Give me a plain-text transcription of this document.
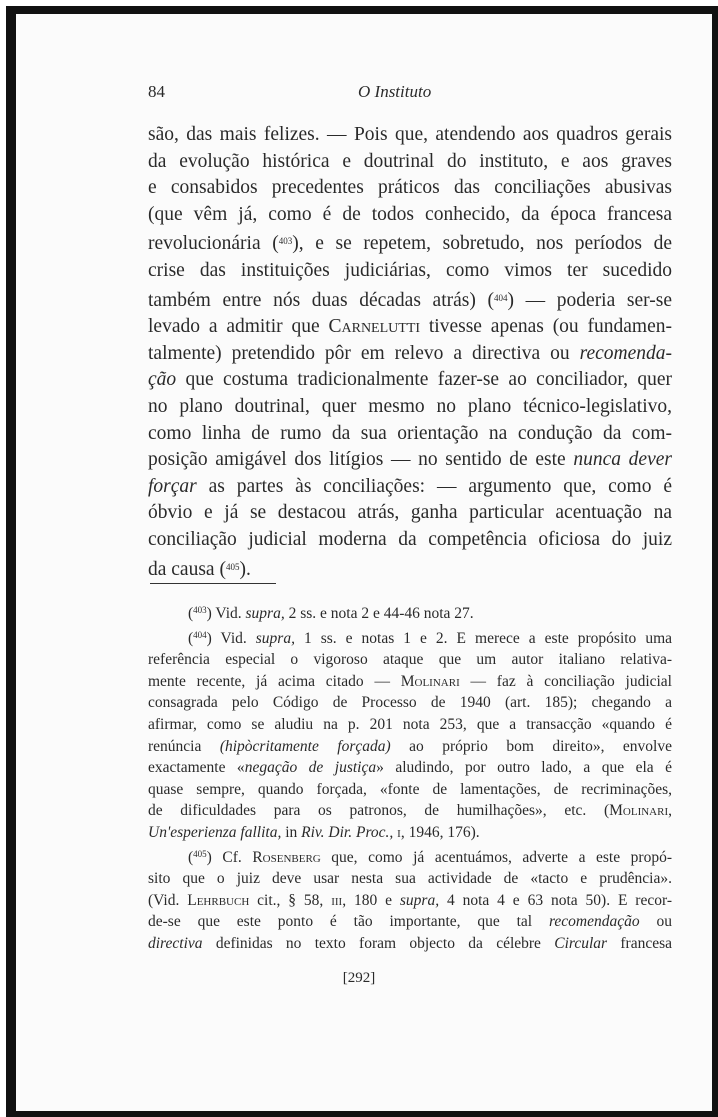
84	O Instituto
são, das mais felizes. — Pois que, atendendo aos quadros gerais
da evolução histórica e doutrinal do instituto, e aos graves
e consabidos precedentes práticos das conciliações abusivas
(que vêm já, como é de todos conhecido, da época francesa
revolucionária ($^{403}$), e se repetem, sobretudo, nos períodos de
crise das instituições judiciárias, como vimos ter sucedido
também entre nós duas décadas atrás) ($^{404}$) — poderia ser-se
levado a admitir que Carnelutti tivesse apenas (ou fundamen-
talmente) pretendido pôr em relevo a directiva ou recomenda-
ção que costuma tradicionalmente fazer-se ao conciliador, quer
no plano doutrinal, quer mesmo no plano técnico-legislativo,
como linha de rumo da sua orientação na condução da com-
posição amigável dos litígios — no sentido de este nunca dever
forçar as partes às conciliações: — argumento que, como é
óbvio e já se destacou atrás, ganha particular acentuação na
conciliação judicial moderna da competência oficiosa do juiz
da causa ($^{405}$).
($^{403}$) Vid. supra, 2 ss. e nota 2 e 44-46 nota 27.
($^{404}$) Vid. supra, 1 ss. e notas 1 e 2. E merece a este propósito uma
referência especial o vigoroso ataque que um autor italiano relativa-
mente recente, já acima citado — Molinari — faz à conciliação judicial
consagrada pelo Código de Processo de 1940 (art. 185); chegando a
afirmar, como se aludiu na p. 201 nota 253, que a transacção «quando é
renúncia (hipòcritamente forçada) ao próprio bom direito», envolve
exactamente «negação de justiça» aludindo, por outro lado, a que ela é
quase sempre, quando forçada, «fonte de lamentações, de recriminações,
de dificuldades para os patronos, de humilhações», etc. (Molinari,
Un'esperienza fallita, in Riv. Dir. Proc., i, 1946, 176).
($^{405}$) Cf. Rosenberg que, como já acentuámos, adverte a este propó-
sito que o juiz deve usar nesta sua actividade de «tacto e prudência».
(Vid. Lehrbuch cit., § 58, iii, 180 e supra, 4 nota 4 e 63 nota 50). E recor-
de-se que este ponto é tão importante, que tal recomendação ou
directiva definidas no texto foram objecto da célebre Circular francesa
[292]
